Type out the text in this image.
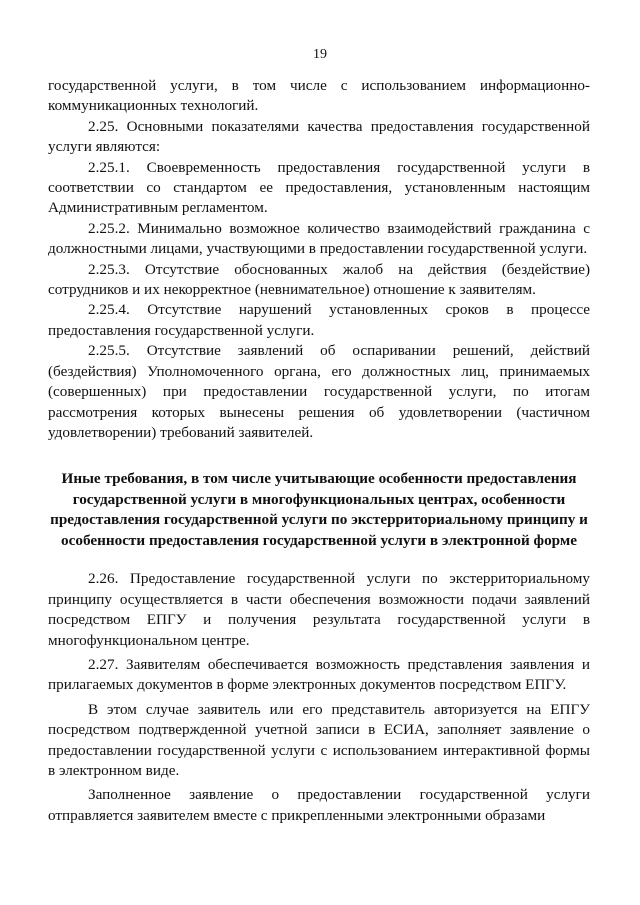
19

государственной услуги, в том числе с использованием информационно-коммуникационных технологий.

2.25. Основными показателями качества предоставления государственной услуги являются:

2.25.1. Своевременность предоставления государственной услуги в соответствии со стандартом ее предоставления, установленным настоящим Административным регламентом.

2.25.2. Минимально возможное количество взаимодействий гражданина с должностными лицами, участвующими в предоставлении государственной услуги.

2.25.3. Отсутствие обоснованных жалоб на действия (бездействие) сотрудников и их некорректное (невнимательное) отношение к заявителям.

2.25.4. Отсутствие нарушений установленных сроков в процессе предоставления государственной услуги.

2.25.5. Отсутствие заявлений об оспаривании решений, действий (бездействия) Уполномоченного органа, его должностных лиц, принимаемых (совершенных) при предоставлении государственной услуги, по итогам рассмотрения которых вынесены решения об удовлетворении (частичном удовлетворении) требований заявителей.

Иные требования, в том числе учитывающие особенности предоставления государственной услуги в многофункциональных центрах, особенности предоставления государственной услуги по экстерриториальному принципу и особенности предоставления государственной услуги в электронной форме

2.26. Предоставление государственной услуги по экстерриториальному принципу осуществляется в части обеспечения возможности подачи заявлений посредством ЕПГУ и получения результата государственной услуги в многофункциональном центре.

2.27. Заявителям обеспечивается возможность представления заявления и прилагаемых документов в форме электронных документов посредством ЕПГУ.

В этом случае заявитель или его представитель авторизуется на ЕПГУ посредством подтвержденной учетной записи в ЕСИА, заполняет заявление о предоставлении государственной услуги с использованием интерактивной формы в электронном виде.

Заполненное заявление о предоставлении государственной услуги отправляется заявителем вместе с прикрепленными электронными образами
